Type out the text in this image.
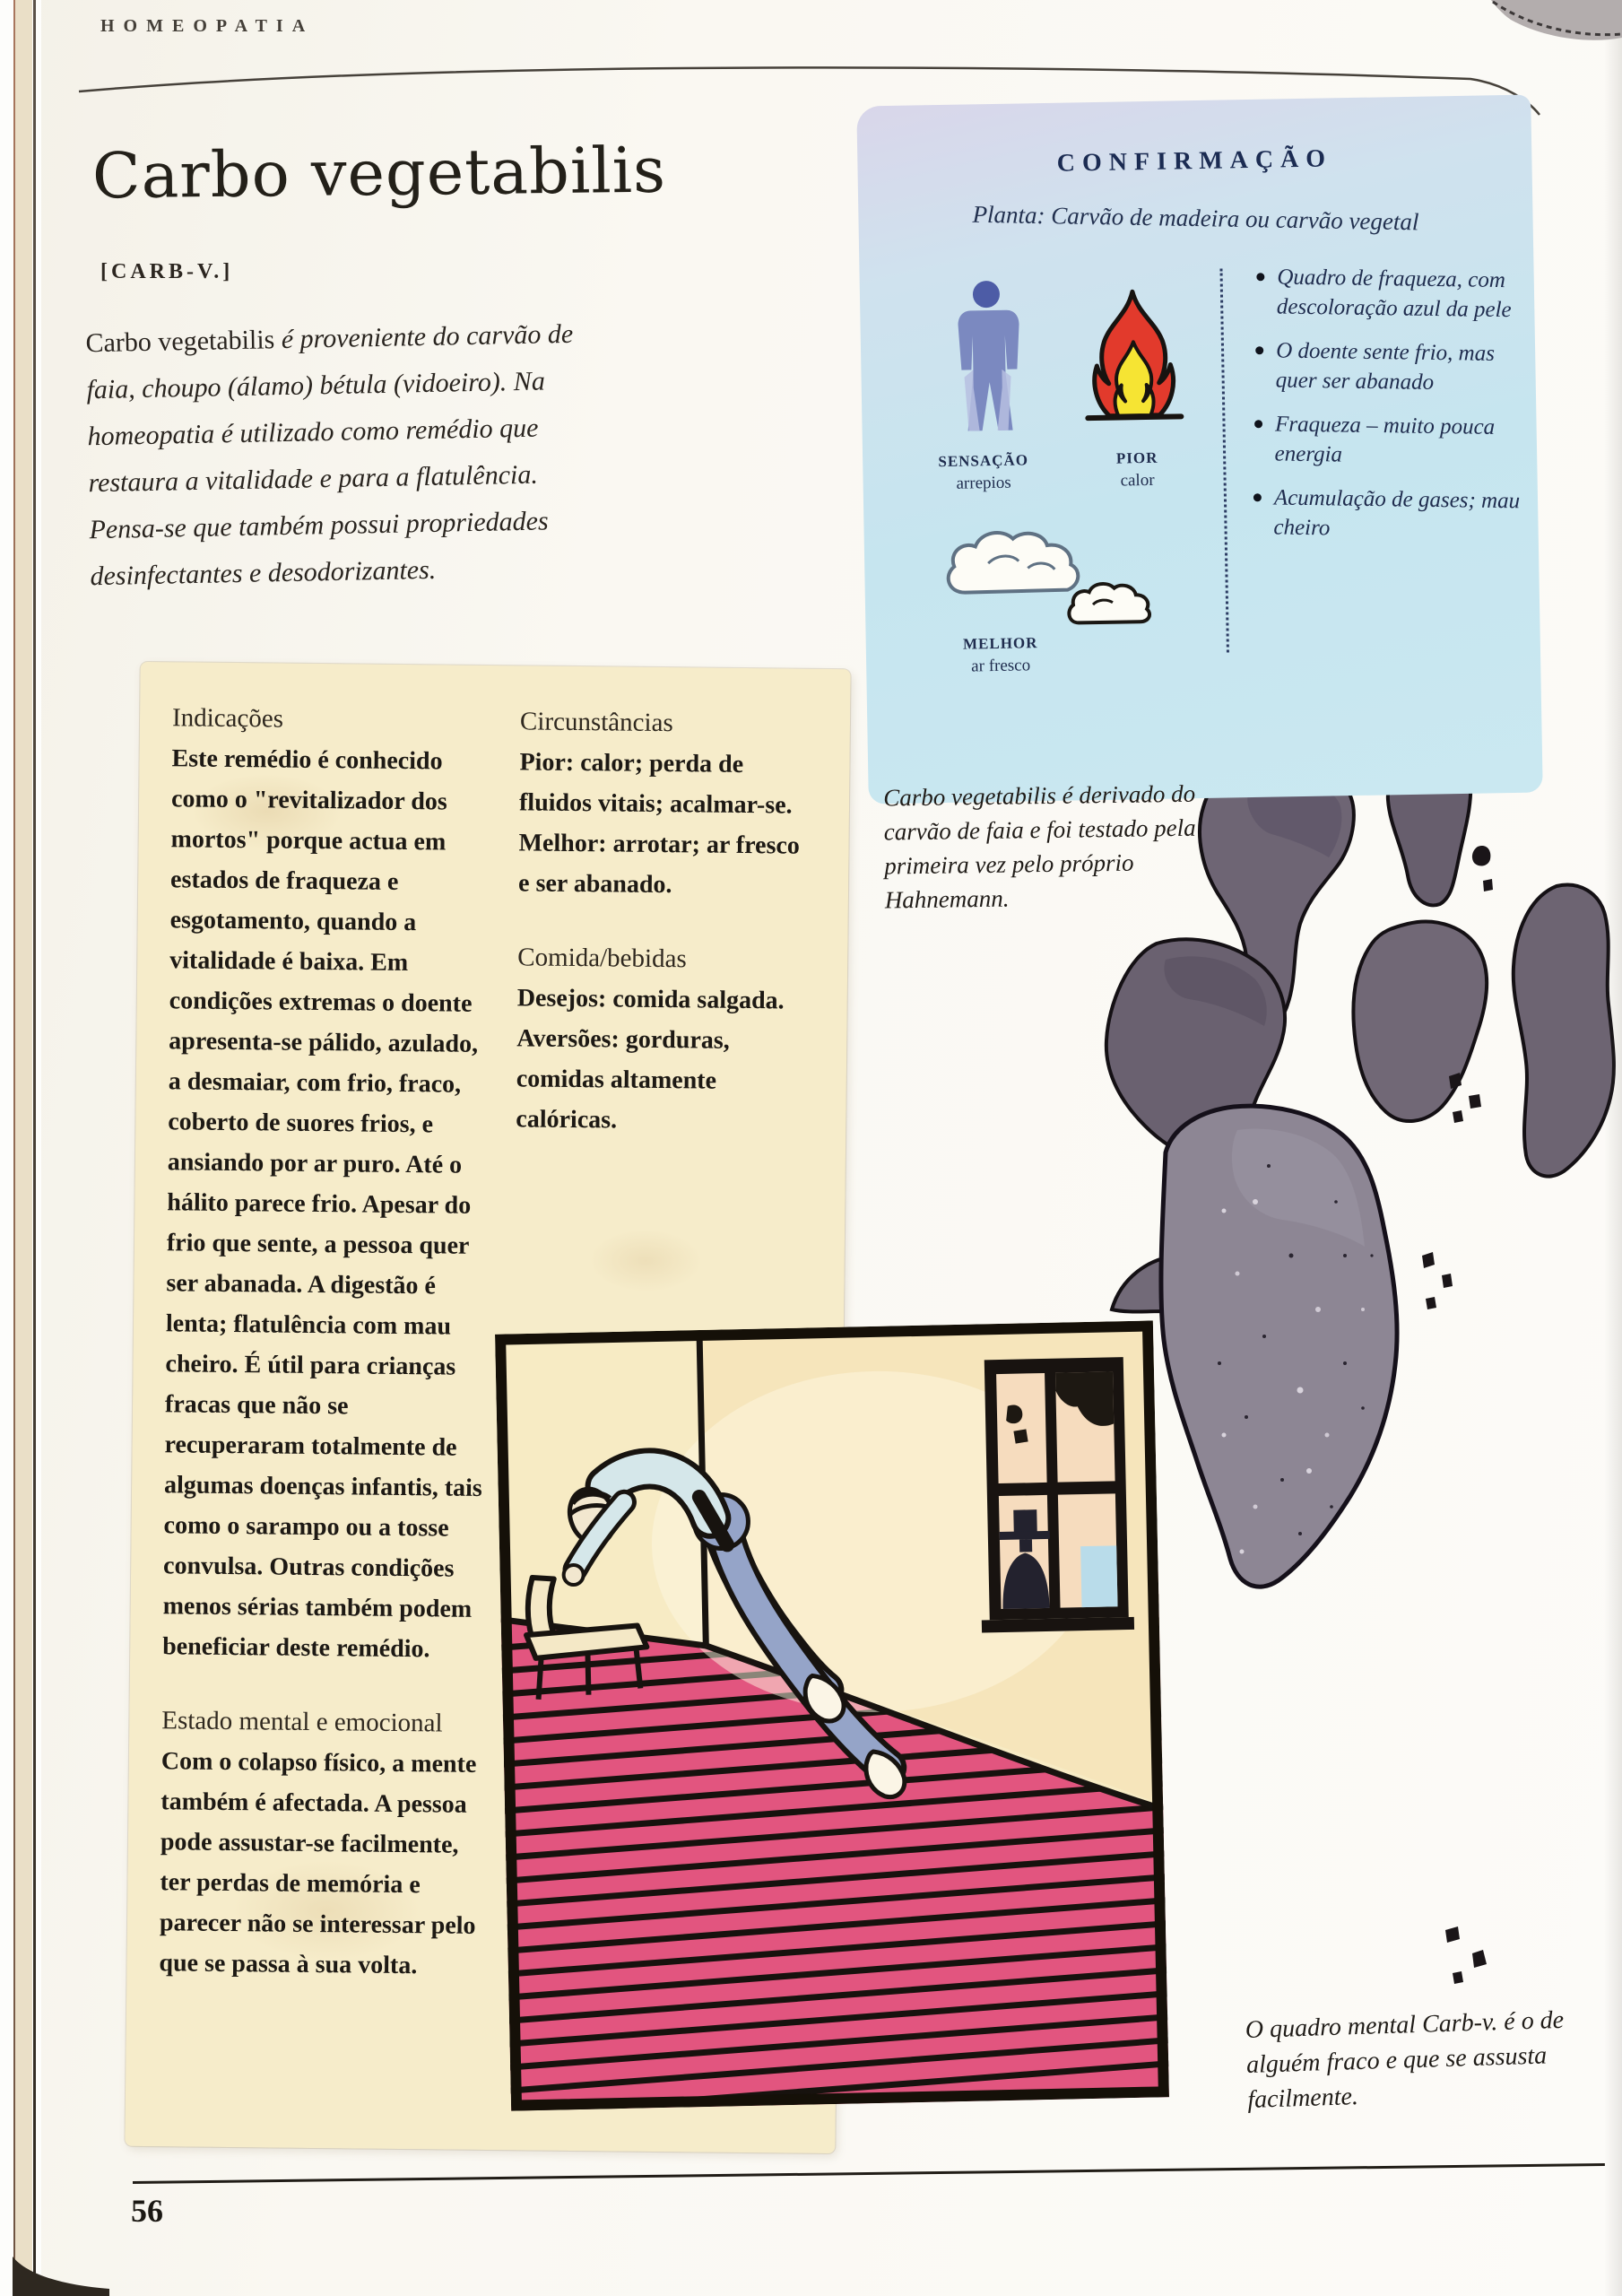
HOMEOPATIA
Carbo vegetabilis
[CARB-V.]
Carbo vegetabilis é proveniente do carvão de faia, choupo (álamo) bétula (vidoeiro). Na homeopatia é utilizado como remédio que restaura a vitalidade e para a flatulência. Pensa-se que também possui propriedades desinfectantes e desodorizantes.
CONFIRMAÇÃO
Planta: Carvão de madeira ou carvão vegetal
SENSAÇÃO
arrepios
PIOR
calor
MELHOR
ar fresco
Quadro de fraqueza, com descoloração azul da pele
O doente sente frio, mas quer ser abanado
Fraqueza – muito pouca energia
Acumulação de gases; mau cheiro
Carbo vegetabilis é derivado do carvão de faia e foi testado pela primeira vez pelo próprio Hahnemann.

Indicações

Este remédio é conhecido como o "revitalizador dos mortos" porque actua em estados de fraqueza e esgotamento, quando a vitalidade é baixa. Em condições extremas o doente apresenta-se pálido, azulado, a desmaiar, com frio, fraco, coberto de suores frios, e ansiando por ar puro. Até o hálito parece frio. Apesar do frio que sente, a pessoa quer ser abanada. A digestão é lenta; flatulência com mau cheiro. É útil para crianças fracas que não se recuperaram totalmente de algumas doenças infantis, tais como o sarampo ou a tosse convulsa. Outras condições menos sérias também podem beneficiar deste remédio.

Estado mental e emocional

Com o colapso físico, a mente também é afectada. A pessoa pode assustar-se facilmente, ter perdas de memória e parecer não se interessar pelo que se passa à sua volta.

Circunstâncias

Pior: calor; perda de fluidos vitais; acalmar-se. Melhor: arrotar; ar fresco e ser abanado.

Comida/bebidas

Desejos: comida salgada. Aversões: gorduras, comidas altamente calóricas.

O quadro mental Carb-v. é o de alguém fraco e que se assusta facilmente.
56
